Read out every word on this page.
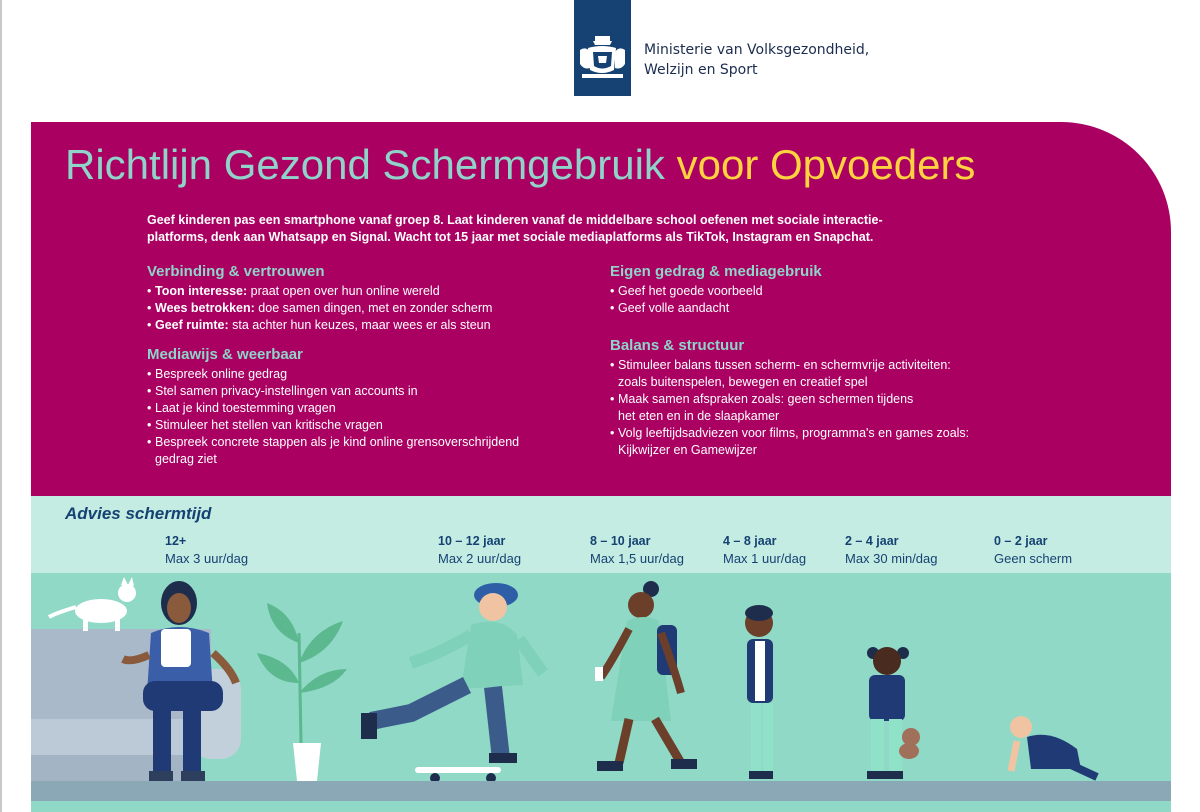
Ministerie van Volksgezondheid,
Welzijn en Sport
Richtlijn Gezond Schermgebruik voor Opvoeders
Geef kinderen pas een smartphone vanaf groep 8. Laat kinderen vanaf de middelbare school oefenen met sociale interactie-
platforms, denk aan Whatsapp en Signal. Wacht tot 15 jaar met sociale mediaplatforms als TikTok, Instagram en Snapchat.
Verbinding & vertrouwen
• Toon interesse: praat open over hun online wereld
• Wees betrokken: doe samen dingen, met en zonder scherm
• Geef ruimte: sta achter hun keuzes, maar wees er als steun
Mediawijs & weerbaar
• Bespreek online gedrag
• Stel samen privacy-instellingen van accounts in
• Laat je kind toestemming vragen
• Stimuleer het stellen van kritische vragen
• Bespreek concrete stappen als je kind online grensoverschrijdend
gedrag ziet
Eigen gedrag & mediagebruik
• Geef het goede voorbeeld
• Geef volle aandacht
Balans & structuur
• Stimuleer balans tussen scherm- en schermvrije activiteiten:
zoals buitenspelen, bewegen en creatief spel
• Maak samen afspraken zoals: geen schermen tijdens
het eten en in de slaapkamer
• Volg leeftijdsadviezen voor films, programma's en games zoals:
Kijkwijzer en Gamewijzer
Advies schermtijd
12+
Max 3 uur/dag
10 – 12 jaar
Max 2 uur/dag
8 – 10 jaar
Max 1,5 uur/dag
4 – 8 jaar
Max 1 uur/dag
2 – 4 jaar
Max 30 min/dag
0 – 2 jaar
Geen scherm
